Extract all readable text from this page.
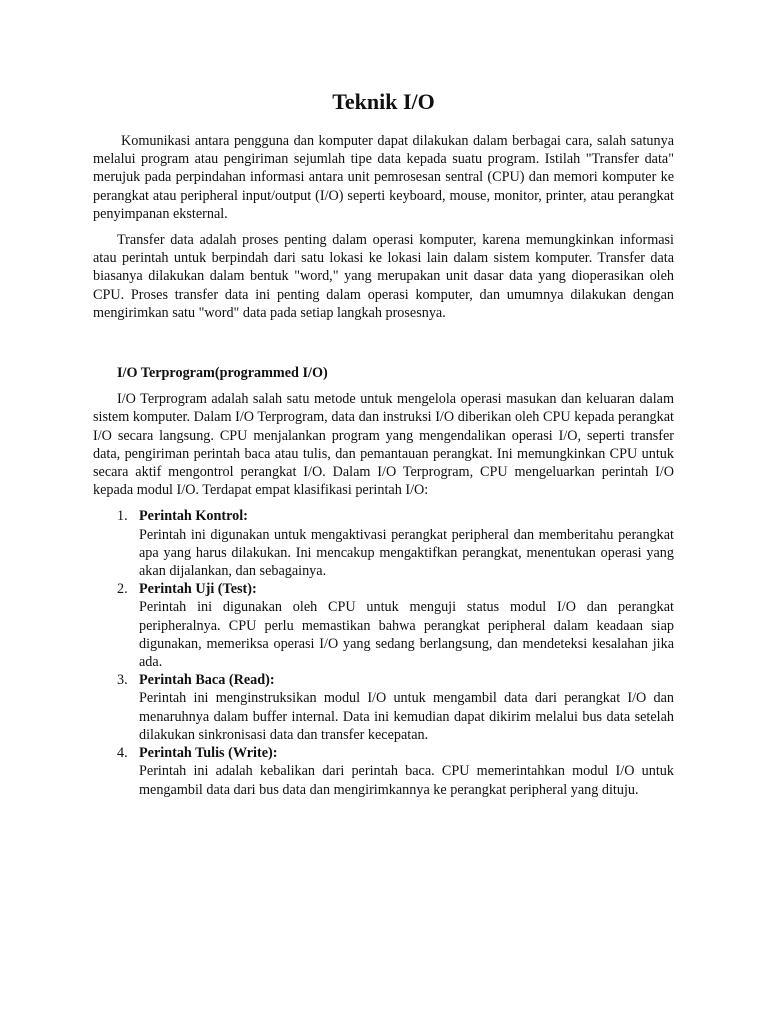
Teknik I/O

Komunikasi antara pengguna dan komputer dapat dilakukan dalam berbagai cara, salah satunya melalui program atau pengiriman sejumlah tipe data kepada suatu program. Istilah "Transfer data" merujuk pada perpindahan informasi antara unit pemrosesan sentral (CPU) dan memori komputer ke perangkat atau peripheral input/output (I/O) seperti keyboard, mouse, monitor, printer, atau perangkat penyimpanan eksternal.

Transfer data adalah proses penting dalam operasi komputer, karena memungkinkan informasi atau perintah untuk berpindah dari satu lokasi ke lokasi lain dalam sistem komputer. Transfer data biasanya dilakukan dalam bentuk "word," yang merupakan unit dasar data yang dioperasikan oleh CPU. Proses transfer data ini penting dalam operasi komputer, dan umumnya dilakukan dengan mengirimkan satu "word" data pada setiap langkah prosesnya.

I/O Terprogram(programmed I/O)

I/O Terprogram adalah salah satu metode untuk mengelola operasi masukan dan keluaran dalam sistem komputer. Dalam I/O Terprogram, data dan instruksi I/O diberikan oleh CPU kepada perangkat I/O secara langsung. CPU menjalankan program yang mengendalikan operasi I/O, seperti transfer data, pengiriman perintah baca atau tulis, dan pemantauan perangkat. Ini memungkinkan CPU untuk secara aktif mengontrol perangkat I/O. Dalam I/O Terprogram, CPU mengeluarkan perintah I/O kepada modul I/O. Terdapat empat klasifikasi perintah I/O:

1. Perintah Kontrol:
Perintah ini digunakan untuk mengaktivasi perangkat peripheral dan memberitahu perangkat apa yang harus dilakukan. Ini mencakup mengaktifkan perangkat, menentukan operasi yang akan dijalankan, dan sebagainya.
2. Perintah Uji (Test):
Perintah ini digunakan oleh CPU untuk menguji status modul I/O dan perangkat peripheralnya. CPU perlu memastikan bahwa perangkat peripheral dalam keadaan siap digunakan, memeriksa operasi I/O yang sedang berlangsung, dan mendeteksi kesalahan jika ada.
3. Perintah Baca (Read):
Perintah ini menginstruksikan modul I/O untuk mengambil data dari perangkat I/O dan menaruhnya dalam buffer internal. Data ini kemudian dapat dikirim melalui bus data setelah dilakukan sinkronisasi data dan transfer kecepatan.
4. Perintah Tulis (Write):
Perintah ini adalah kebalikan dari perintah baca. CPU memerintahkan modul I/O untuk mengambil data dari bus data dan mengirimkannya ke perangkat peripheral yang dituju.
